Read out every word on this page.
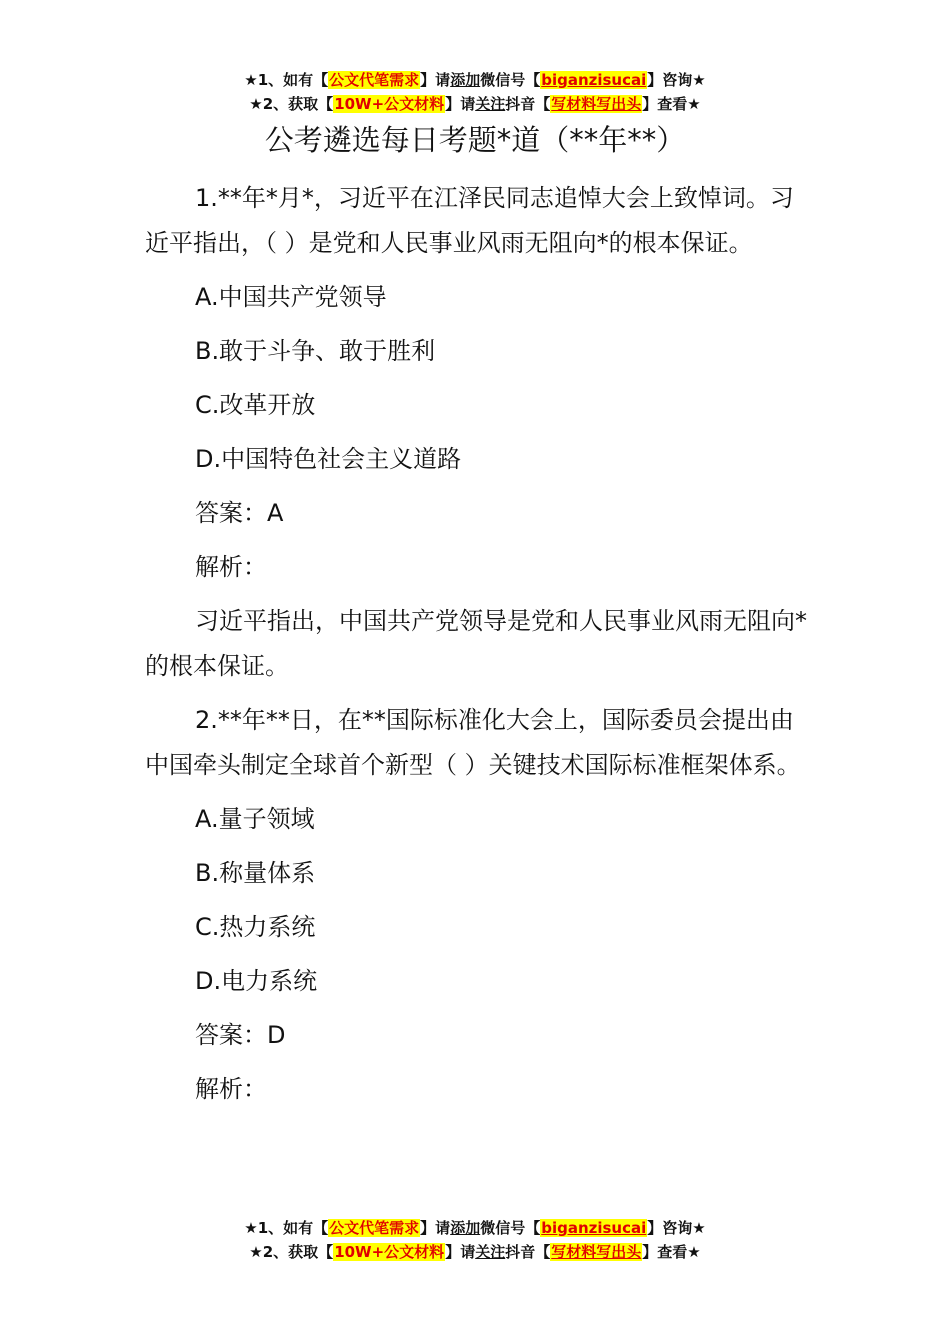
★1、如有【公文代笔需求】请添加微信号【biganzisucai】咨询★
★2、获取【10W+公文材料】请关注抖音【写材料写出头】查看★
公考遴选每日考题*道（**年**）

1.**年*月*，习近平在江泽民同志追悼大会上致悼词。习近平指出，（ ）是党和人民事业风雨无阻向*的根本保证。

A.中国共产党领导

B.敢于斗争、敢于胜利

C.改革开放

D.中国特色社会主义道路

答案：A

解析：

习近平指出，中国共产党领导是党和人民事业风雨无阻向*的根本保证。

2.**年**日，在**国际标准化大会上，国际委员会提出由中国牵头制定全球首个新型（ ）关键技术国际标准框架体系。

A.量子领域

B.称量体系

C.热力系统

D.电力系统

答案：D

解析：

★1、如有【公文代笔需求】请添加微信号【biganzisucai】咨询★
★2、获取【10W+公文材料】请关注抖音【写材料写出头】查看★
